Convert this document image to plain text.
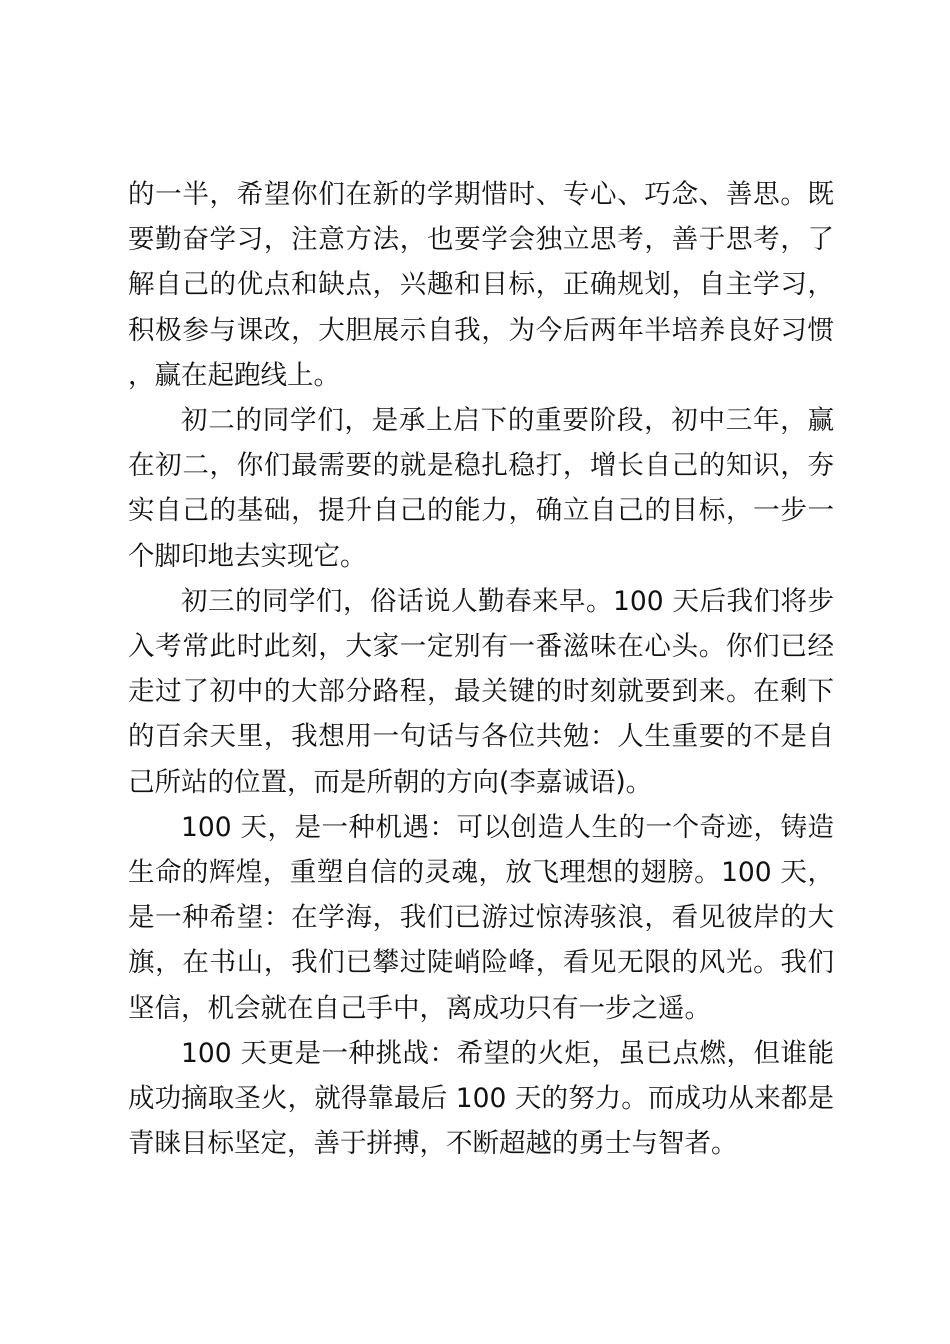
的一半，希望你们在新的学期惜时、专心、巧念、善思。既要勤奋学习，注意方法，也要学会独立思考，善于思考，了解自己的优点和缺点，兴趣和目标，正确规划，自主学习，积极参与课改，大胆展示自我，为今后两年半培养良好习惯，赢在起跑线上。

初二的同学们，是承上启下的重要阶段，初中三年，赢在初二，你们最需要的就是稳扎稳打，增长自己的知识，夯实自己的基础，提升自己的能力，确立自己的目标，一步一个脚印地去实现它。

初三的同学们，俗话说人勤春来早。100 天后我们将步入考常此时此刻，大家一定别有一番滋味在心头。你们已经走过了初中的大部分路程，最关键的时刻就要到来。在剩下的百余天里，我想用一句话与各位共勉：人生重要的不是自己所站的位置，而是所朝的方向(李嘉诚语)。

100 天，是一种机遇：可以创造人生的一个奇迹，铸造生命的辉煌，重塑自信的灵魂，放飞理想的翅膀。100 天，是一种希望：在学海，我们已游过惊涛骇浪，看见彼岸的大旗，在书山，我们已攀过陡峭险峰，看见无限的风光。我们坚信，机会就在自己手中，离成功只有一步之遥。

100 天更是一种挑战：希望的火炬，虽已点燃，但谁能成功摘取圣火，就得靠最后 100 天的努力。而成功从来都是青睐目标坚定，善于拼搏，不断超越的勇士与智者。
